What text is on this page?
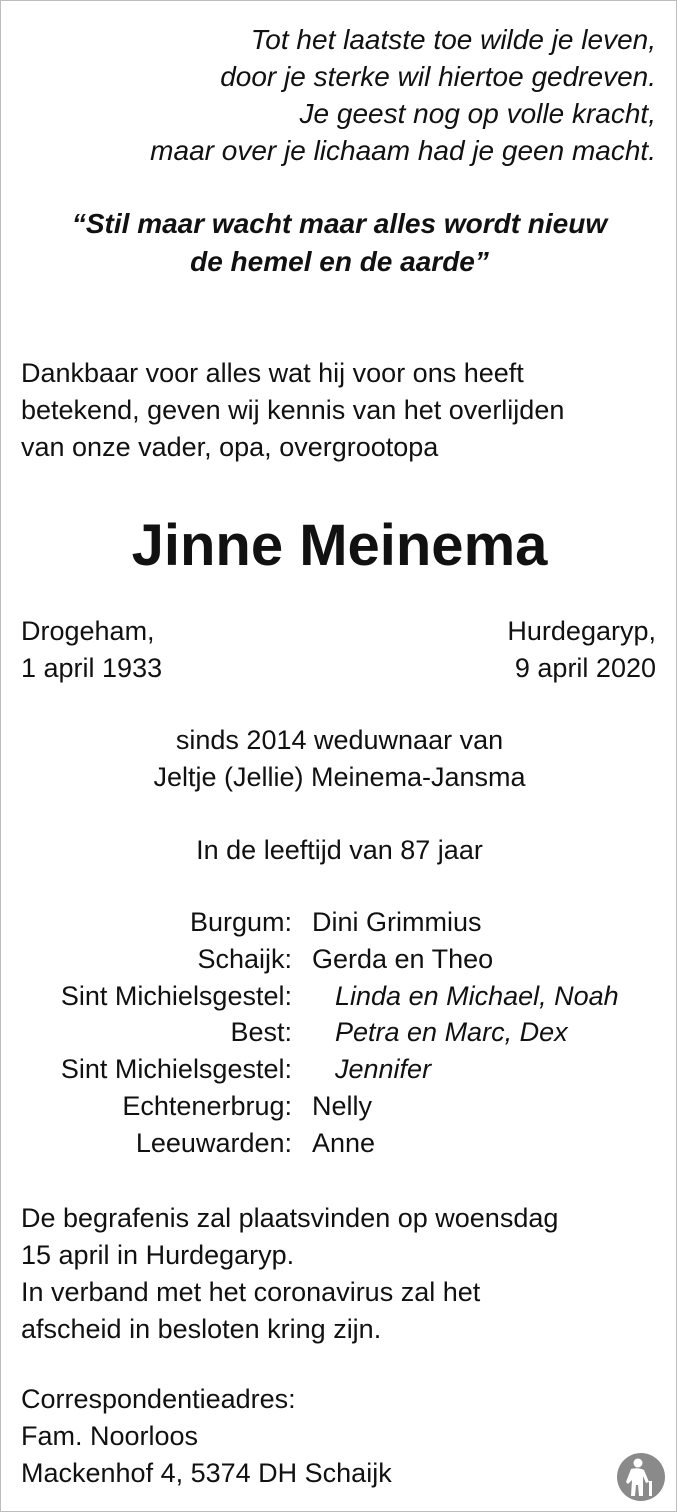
Tot het laatste toe wilde je leven,
door je sterke wil hiertoe gedreven.
Je geest nog op volle kracht,
maar over je lichaam had je geen macht.
“Stil maar wacht maar alles wordt nieuw
de hemel en de aarde”
Dankbaar voor alles wat hij voor ons heeft
betekend, geven wij kennis van het overlijden
van onze vader, opa, overgrootopa
Jinne Meinema
Drogeham,
1 april 1933
Hurdegaryp,
9 april 2020
sinds 2014 weduwnaar van
Jeltje (Jellie) Meinema-Jansma
In de leeftijd van 87 jaar
Burgum: Dini Grimmius
Schaijk: Gerda en Theo
Sint Michielsgestel: Linda en Michael, Noah
Best: Petra en Marc, Dex
Sint Michielsgestel: Jennifer
Echtenerbrug: Nelly
Leeuwarden: Anne
De begrafenis zal plaatsvinden op woensdag
15 april in Hurdegaryp.
In verband met het coronavirus zal het
afscheid in besloten kring zijn.
Correspondentieadres:
Fam. Noorloos
Mackenhof 4, 5374 DH Schaijk
